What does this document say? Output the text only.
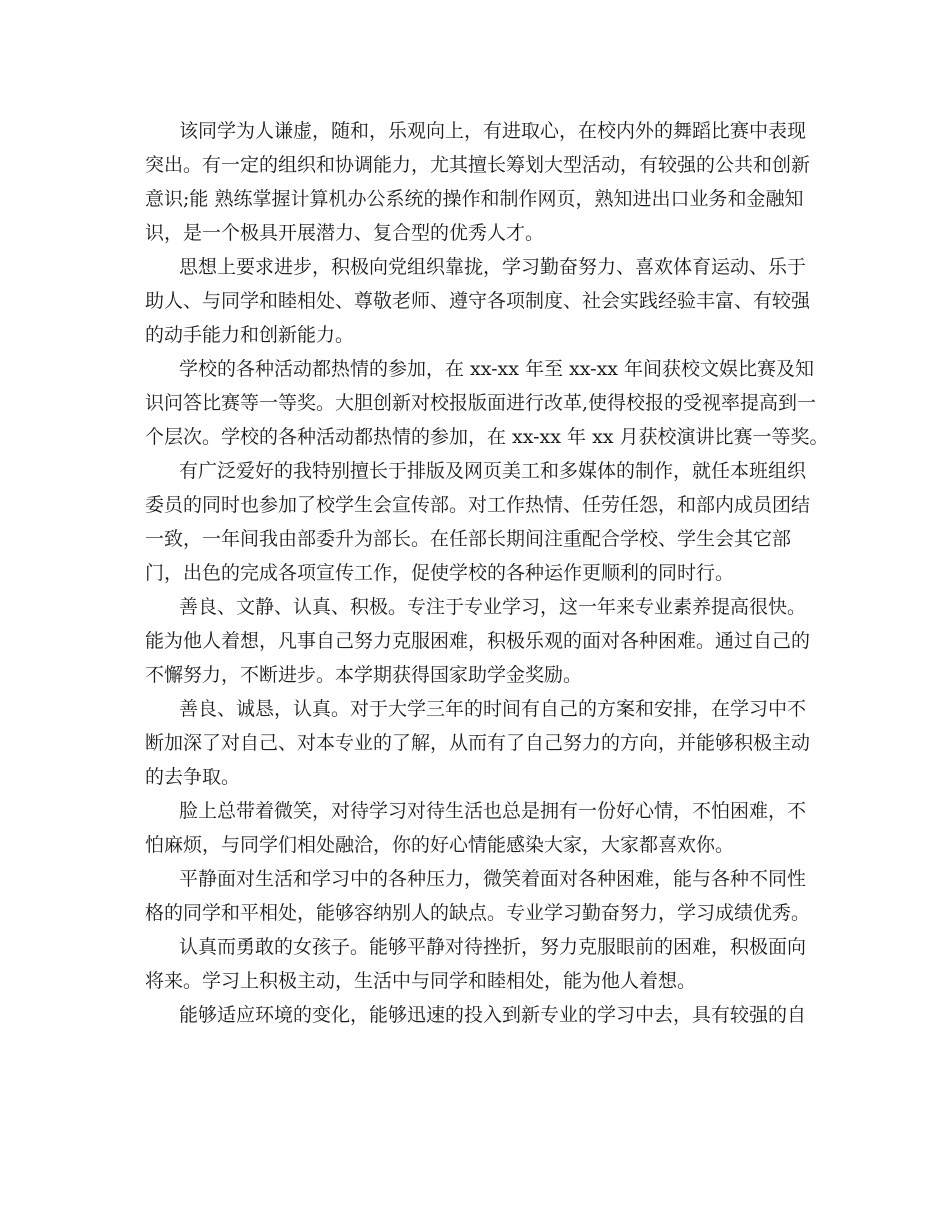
该同学为人谦虚，随和，乐观向上，有进取心，在校内外的舞蹈比赛中表现
突出。有一定的组织和协调能力，尤其擅长筹划大型活动，有较强的公共和创新
意识;能 熟练掌握计算机办公系统的操作和制作网页，熟知进出口业务和金融知
识，是一个极具开展潜力、复合型的优秀人才。

思想上要求进步，积极向党组织靠拢，学习勤奋努力、喜欢体育运动、乐于
助人、与同学和睦相处、尊敬老师、遵守各项制度、社会实践经验丰富、有较强
的动手能力和创新能力。

学校的各种活动都热情的参加，在 xx-xx 年至 xx-xx 年间获校文娱比赛及知
识问答比赛等一等奖。大胆创新对校报版面进行改革,使得校报的受视率提高到一
个层次。学校的各种活动都热情的参加，在 xx-xx 年 xx 月获校演讲比赛一等奖。

有广泛爱好的我特别擅长于排版及网页美工和多媒体的制作，就任本班组织
委员的同时也参加了校学生会宣传部。对工作热情、任劳任怨，和部内成员团结
一致，一年间我由部委升为部长。在任部长期间注重配合学校、学生会其它部
门，出色的完成各项宣传工作，促使学校的各种运作更顺利的同时行。

善良、文静、认真、积极。专注于专业学习，这一年来专业素养提高很快。
能为他人着想，凡事自己努力克服困难，积极乐观的面对各种困难。通过自己的
不懈努力，不断进步。本学期获得国家助学金奖励。

善良、诚恳，认真。对于大学三年的时间有自己的方案和安排，在学习中不
断加深了对自己、对本专业的了解，从而有了自己努力的方向，并能够积极主动
的去争取。

脸上总带着微笑，对待学习对待生活也总是拥有一份好心情，不怕困难，不
怕麻烦，与同学们相处融洽，你的好心情能感染大家，大家都喜欢你。

平静面对生活和学习中的各种压力，微笑着面对各种困难，能与各种不同性
格的同学和平相处，能够容纳别人的缺点。专业学习勤奋努力，学习成绩优秀。

认真而勇敢的女孩子。能够平静对待挫折，努力克服眼前的困难，积极面向
将来。学习上积极主动，生活中与同学和睦相处，能为他人着想。

能够适应环境的变化，能够迅速的投入到新专业的学习中去，具有较强的自
